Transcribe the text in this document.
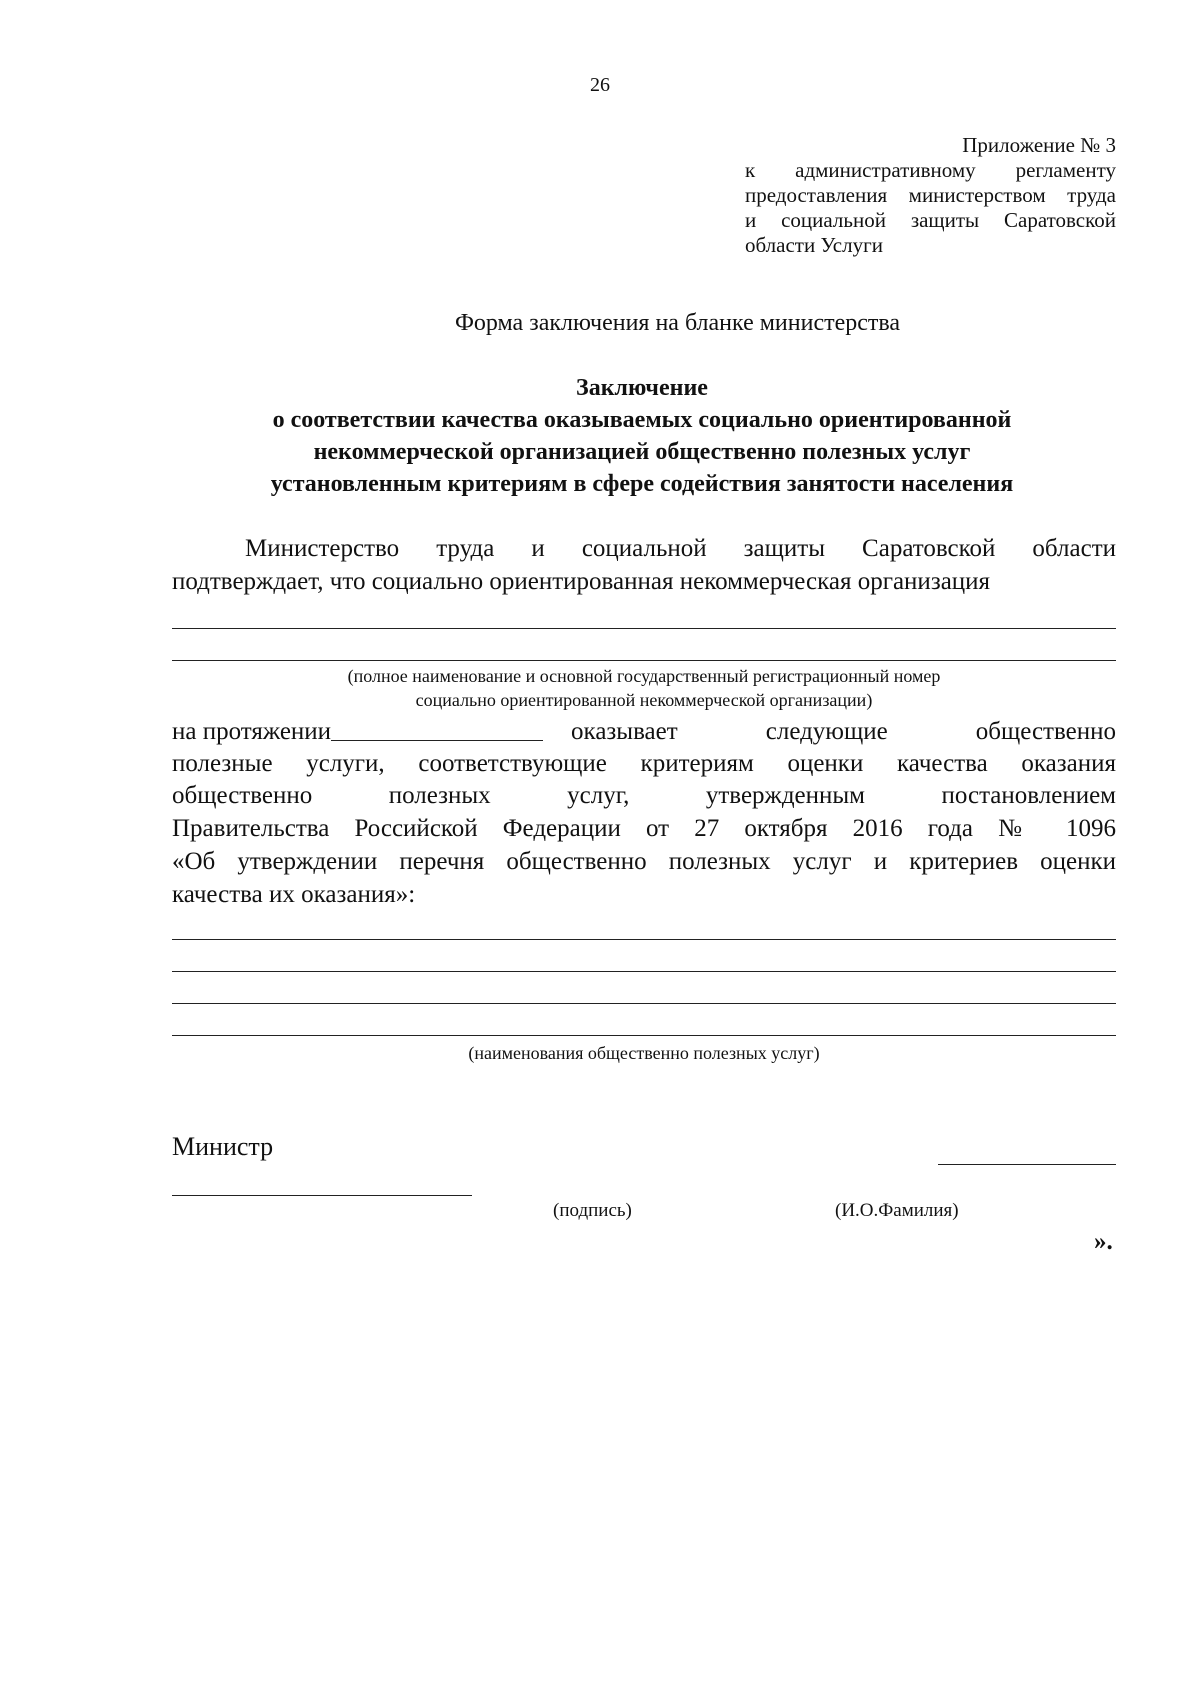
26
Приложение № 3
к административному регламенту
предоставления министерством труда
и социальной защиты Саратовской
области Услуги
Форма заключения на бланке министерства
Заключение
о соответствии качества оказываемых социально ориентированной
некоммерческой организацией общественно полезных услуг
установленным критериям в сфере содействия занятости населения
Министерство труда и социальной защиты Саратовской области
подтверждает, что социально ориентированная некоммерческая организация
(полное наименование и основной государственный регистрационный номер
социально ориентированной некоммерческой организации)
на протяжении	оказывает следующие общественно
полезные услуги, соответствующие критериям оценки качества оказания
общественно полезных услуг, утвержденным постановлением
Правительства Российской Федерации от 27 октября 2016 года № 1096
«Об утверждении перечня общественно полезных услуг и критериев оценки
качества их оказания»:
(наименования общественно полезных услуг)
Министр
(подпись)	(И.О.Фамилия)
».
